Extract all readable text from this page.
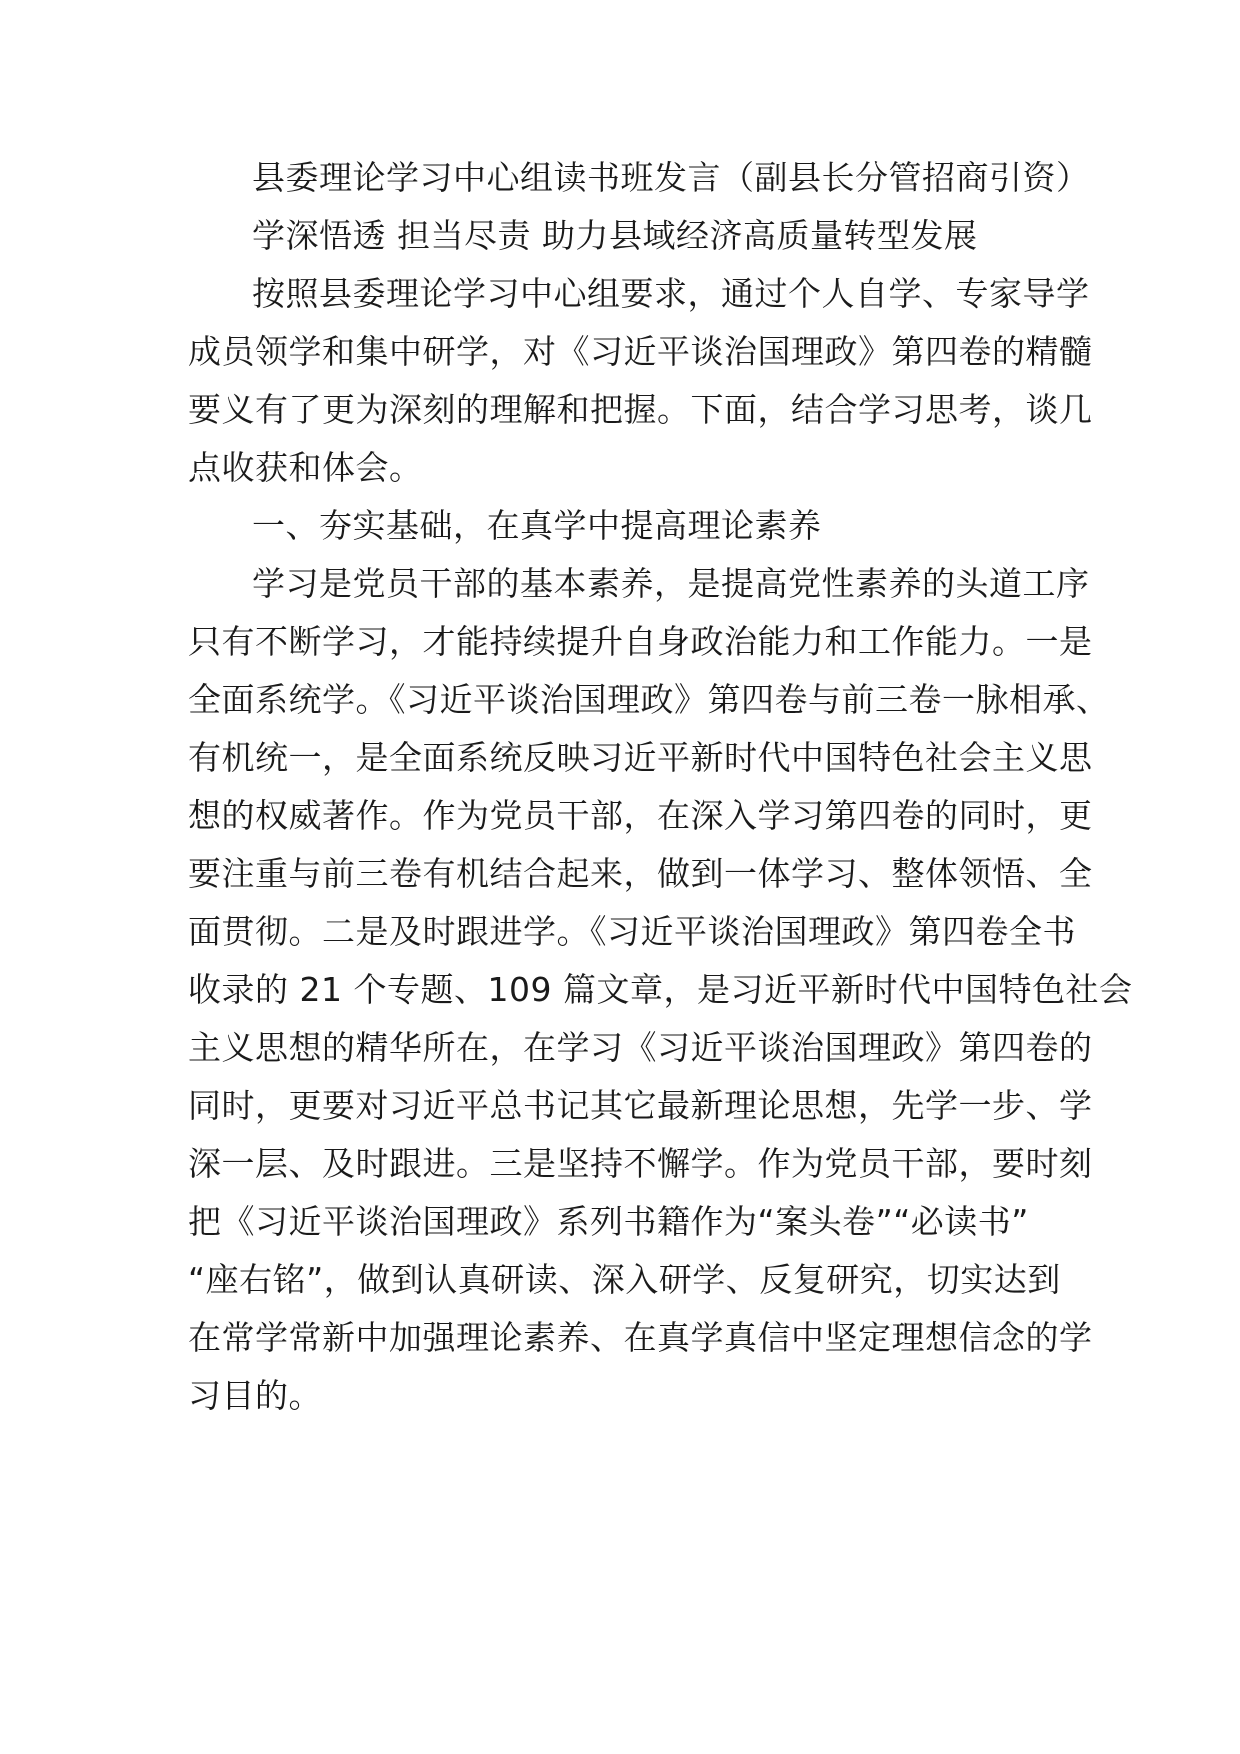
县委理论学习中心组读书班发言（副县长分管招商引资）
学深悟透 担当尽责 助力县域经济高质量转型发展
按照县委理论学习中心组要求，通过个人自学、专家导学
成员领学和集中研学，对《习近平谈治国理政》第四卷的精髓
要义有了更为深刻的理解和把握。下面，结合学习思考，谈几
点收获和体会。
一、夯实基础，在真学中提高理论素养
学习是党员干部的基本素养，是提高党性素养的头道工序
只有不断学习，才能持续提升自身政治能力和工作能力。一是
全面系统学。《习近平谈治国理政》第四卷与前三卷一脉相承、
有机统一，是全面系统反映习近平新时代中国特色社会主义思
想的权威著作。作为党员干部，在深入学习第四卷的同时，更
要注重与前三卷有机结合起来，做到一体学习、整体领悟、全
面贯彻。二是及时跟进学。《习近平谈治国理政》第四卷全书
收录的 21 个专题、109 篇文章，是习近平新时代中国特色社会
主义思想的精华所在，在学习《习近平谈治国理政》第四卷的
同时，更要对习近平总书记其它最新理论思想，先学一步、学
深一层、及时跟进。三是坚持不懈学。作为党员干部，要时刻
把《习近平谈治国理政》系列书籍作为“案头卷”“必读书”
“座右铭”，做到认真研读、深入研学、反复研究，切实达到
在常学常新中加强理论素养、在真学真信中坚定理想信念的学
习目的。
